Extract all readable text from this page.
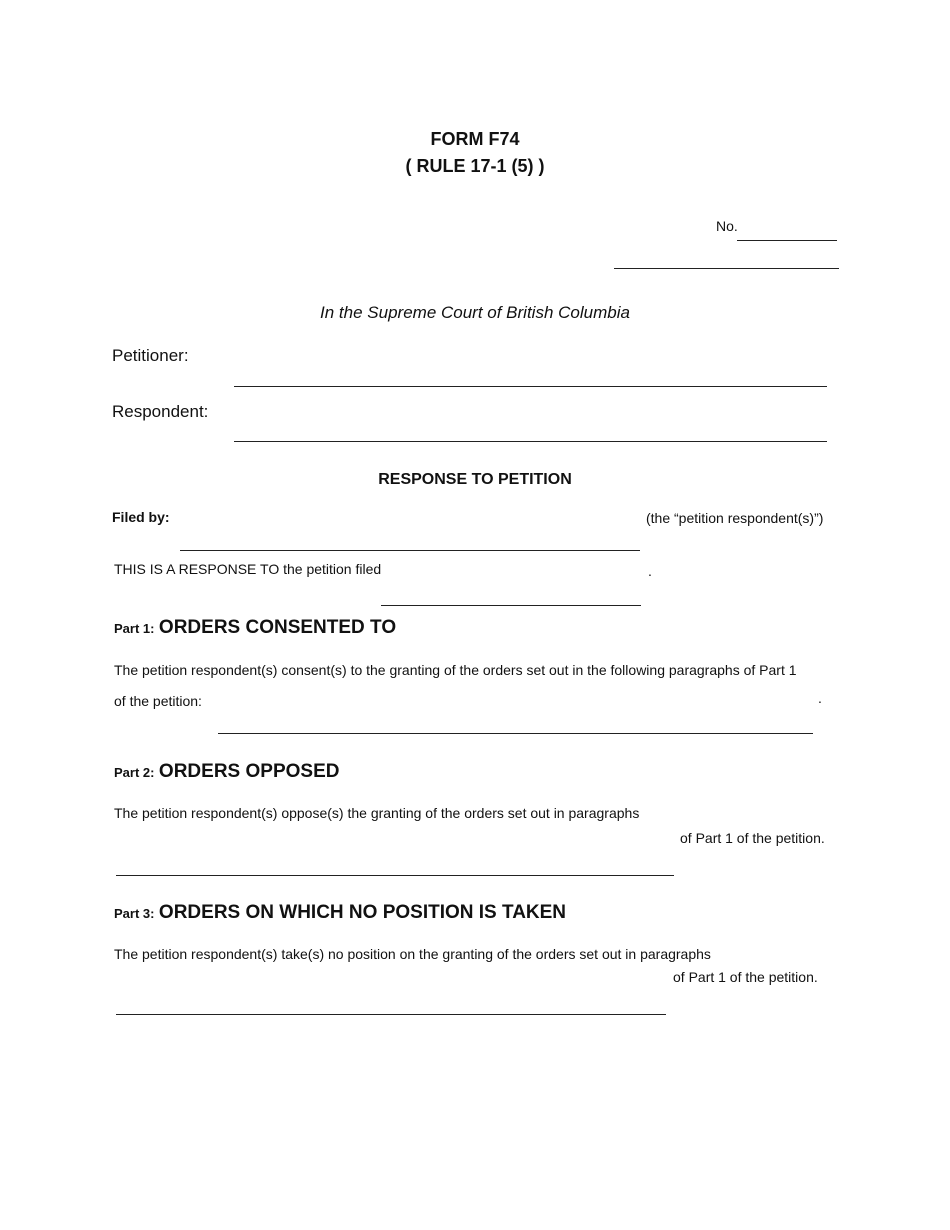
FORM F74
( RULE 17-1 (5) )
No.
In the Supreme Court of British Columbia
Petitioner:
Respondent:
RESPONSE TO PETITION
Filed by:	(the “petition respondent(s)”)
THIS IS A RESPONSE TO the petition filed	.
Part 1: ORDERS CONSENTED TO
The petition respondent(s) consent(s) to the granting of the orders set out in the following paragraphs of Part 1
of the petition:	.
Part 2: ORDERS OPPOSED
The petition respondent(s) oppose(s) the granting of the orders set out in paragraphs
of Part 1 of the petition.
Part 3: ORDERS ON WHICH NO POSITION IS TAKEN
The petition respondent(s) take(s) no position on the granting of the orders set out in paragraphs
of Part 1 of the petition.
